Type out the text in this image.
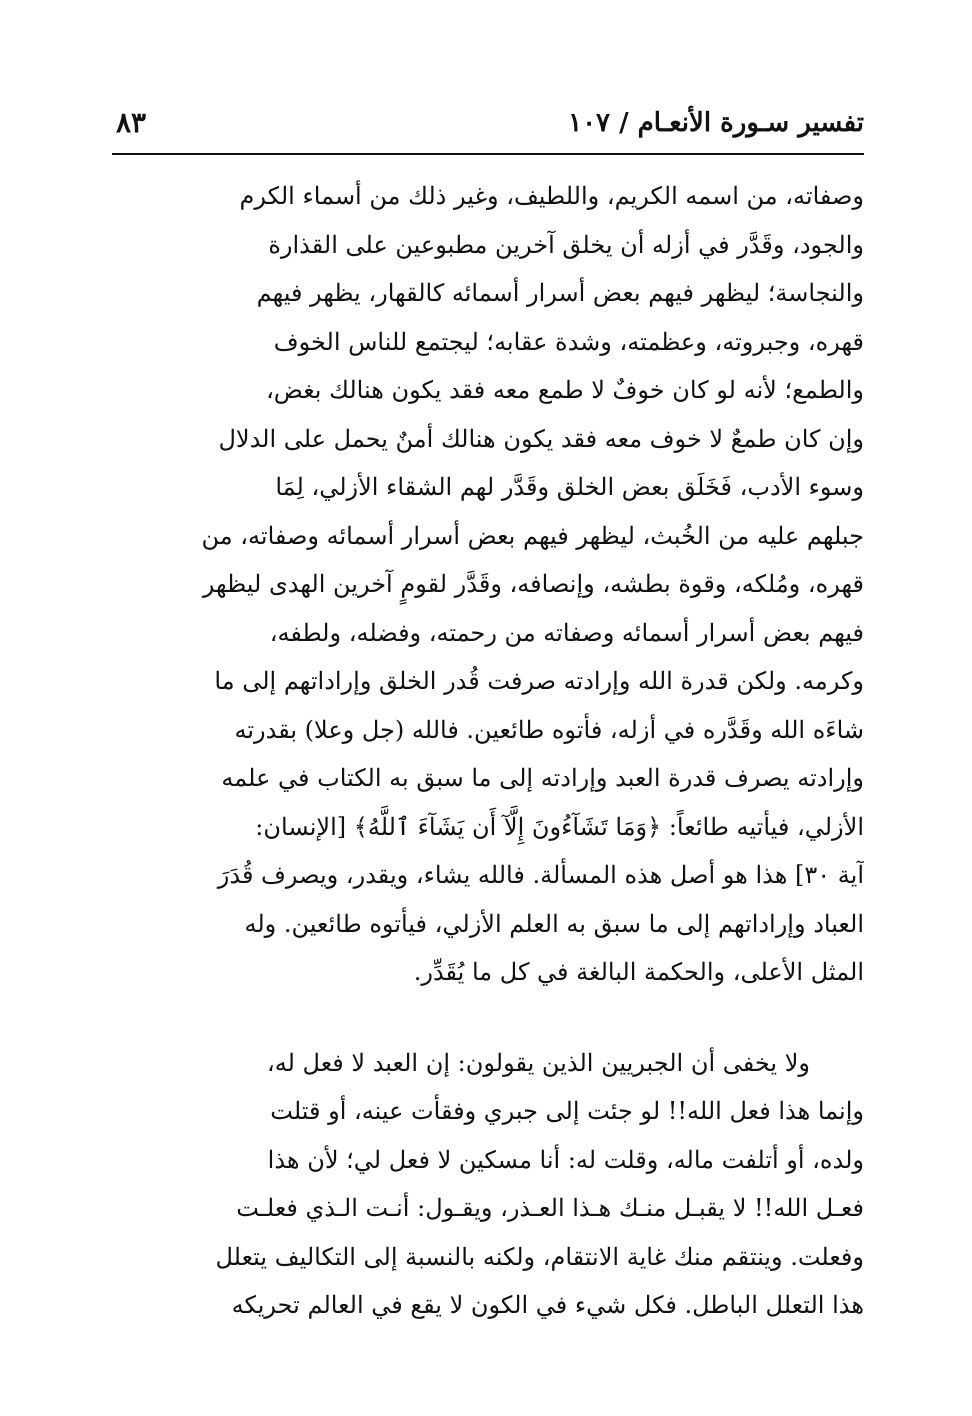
تفسير سـورة الأنعـام / ١٠٧
٨٣
وصفاته، من اسمه الكريم، واللطيف، وغير ذلك من أسماء الكرم
والجود، وقَدَّر في أزله أن يخلق آخرين مطبوعين على القذارة
والنجاسة؛ ليظهر فيهم بعض أسرار أسمائه كالقهار، يظهر فيهم
قهره، وجبروته، وعظمته، وشدة عقابه؛ ليجتمع للناس الخوف
والطمع؛ لأنه لو كان خوفٌ لا طمع معه فقد يكون هنالك بغض،
وإن كان طمعٌ لا خوف معه فقد يكون هنالك أمنٌ يحمل على الدلال
وسوء الأدب، فَخَلَق بعض الخلق وقَدَّر لهم الشقاء الأزلي، لِمَا
جبلهم عليه من الخُبث، ليظهر فيهم بعض أسرار أسمائه وصفاته، من
قهره، ومُلكه، وقوة بطشه، وإنصافه، وقَدَّر لقومٍ آخرين الهدى ليظهر
فيهم بعض أسرار أسمائه وصفاته من رحمته، وفضله، ولطفه،
وكرمه. ولكن قدرة الله وإرادته صرفت قُدر الخلق وإراداتهم إلى ما
شاءَه الله وقَدَّره في أزله، فأتوه طائعين. فالله (جل وعلا) بقدرته
وإرادته يصرف قدرة العبد وإرادته إلى ما سبق به الكتاب في علمه
الأزلي، فيأتيه طائعاً: ﴿وَمَا تَشَآءُونَ إِلَّآ أَن يَشَآءَ ٱللَّهُ﴾ [الإنسان:
آية ٣٠] هذا هو أصل هذه المسألة. فالله يشاء، ويقدر، ويصرف قُدَرَ
العباد وإراداتهم إلى ما سبق به العلم الأزلي، فيأتوه طائعين. وله
المثل الأعلى، والحكمة البالغة في كل ما يُقَدِّر.
ولا يخفى أن الجبريين الذين يقولون: إن العبد لا فعل له،
وإنما هذا فعل الله!! لو جئت إلى جبري وفقأت عينه، أو قتلت
ولده، أو أتلفت ماله، وقلت له: أنا مسكين لا فعل لي؛ لأن هذا
فعـل الله!! لا يقبـل منـك هـذا العـذر، ويقـول: أنـت الـذي فعلـت
وفعلت. وينتقم منك غاية الانتقام، ولكنه بالنسبة إلى التكاليف يتعلل
هذا التعلل الباطل. فكل شيء في الكون لا يقع في العالم تحريكه
